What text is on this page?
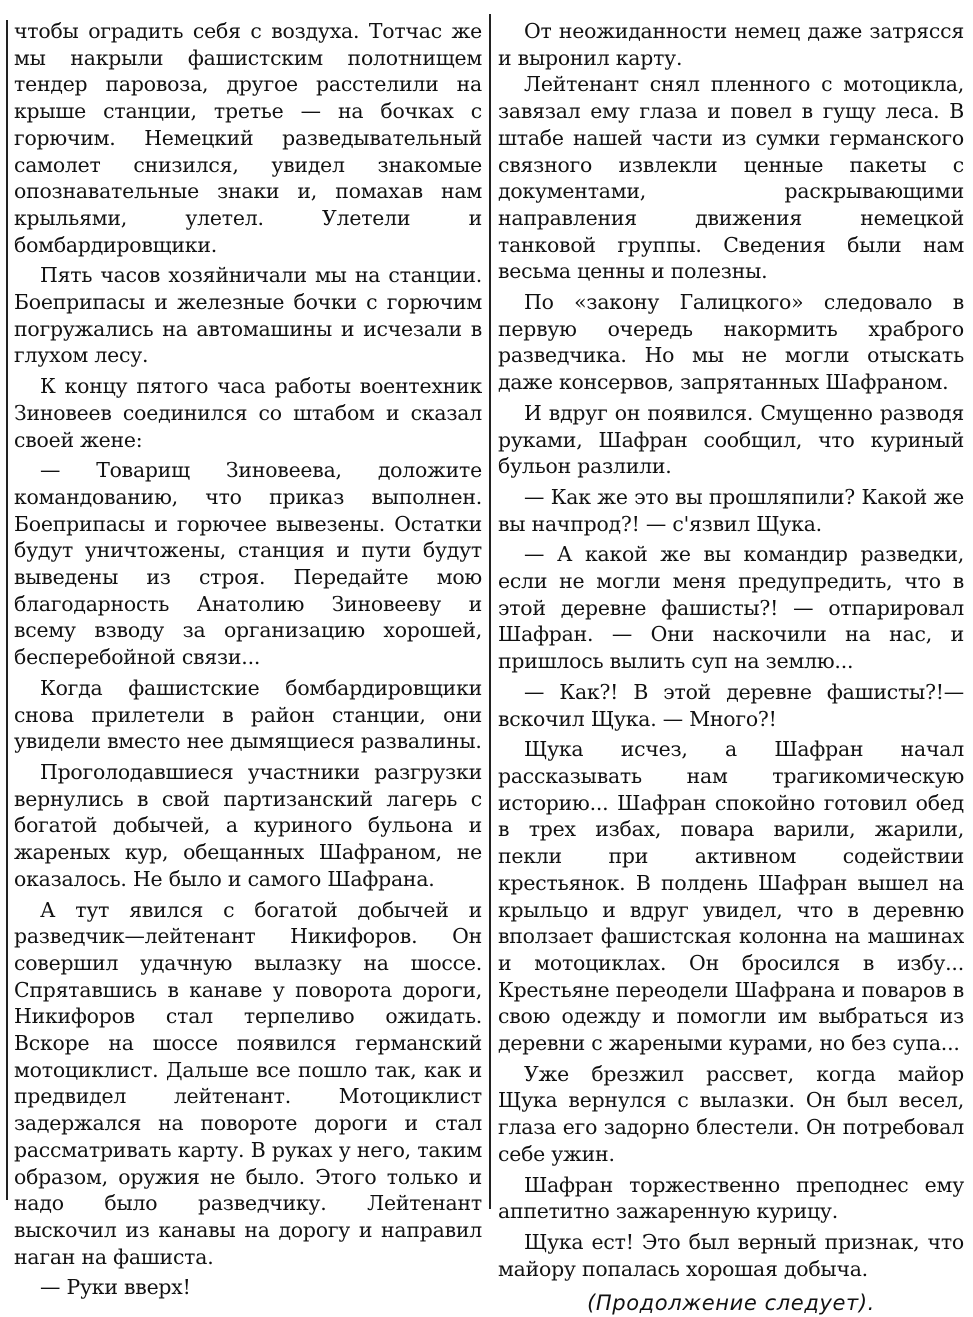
чтобы оградить себя с воздуха. Тотчас же мы накрыли фашистским полотнищем тендер паровоза, другое расстелили на крыше станции, третье — на бочках с горючим. Немецкий разведывательный самолет снизился, увидел знакомые опознавательные знаки и, помахав нам крыльями, улетел. Улетели и бомбардировщики.

Пять часов хозяйничали мы на станции. Боеприпасы и железные бочки с горючим погружались на автомашины и исчезали в глухом лесу.

К концу пятого часа работы воентехник Зиновеев соединился со штабом и сказал своей жене:

— Товарищ Зиновеева, доложите командованию, что приказ выполнен. Боеприпасы и горючее вывезены. Остатки будут уничтожены, станция и пути будут выведены из строя. Передайте мою благодарность Анатолию Зиновееву и всему взводу за организацию хорошей, бесперебойной связи...

Когда фашистские бомбардировщики снова прилетели в район станции, они увидели вместо нее дымящиеся развалины.

Проголодавшиеся участники разгрузки вернулись в свой партизанский лагерь с богатой добычей, а куриного бульона и жареных кур, обещанных Шафраном, не оказалось. Не было и самого Шафрана.

А тут явился с богатой добычей и разведчик—лейтенант Никифоров. Он совершил удачную вылазку на шоссе. Спрятавшись в канаве у поворота дороги, Никифоров стал терпеливо ожидать. Вскоре на шоссе появился германский мотоциклист. Дальше все пошло так, как и предвидел лейтенант. Мотоциклист задержался на повороте дороги и стал рассматривать карту. В руках у него, таким образом, оружия не было. Этого только и надо было разведчику. Лейтенант выскочил из канавы на дорогу и направил наган на фашиста.

— Руки вверх!

От неожиданности немец даже затрясся и выронил карту.

Лейтенант снял пленного с мотоцикла, завязал ему глаза и повел в гущу леса. В штабе нашей части из сумки германского связного извлекли ценные пакеты с документами, раскрывающими направления движения немецкой танковой группы. Сведения были нам весьма ценны и полезны.

По «закону Галицкого» следовало в первую очередь накормить храброго разведчика. Но мы не могли отыскать даже консервов, запрятанных Шафраном.

И вдруг он появился. Смущенно разводя руками, Шафран сообщил, что куриный бульон разлили.

— Как же это вы прошляпили? Какой же вы начпрод?! — с'язвил Щука.

— А какой же вы командир разведки, если не могли меня предупредить, что в этой деревне фашисты?! — отпарировал Шафран. — Они наскочили на нас, и пришлось вылить суп на землю...

— Как?! В этой деревне фашисты?!— вскочил Щука. — Много?!

Щука исчез, а Шафран начал рассказывать нам трагикомическую историю... Шафран спокойно готовил обед в трех избах, повара варили, жарили, пекли при активном содействии крестьянок. В полдень Шафран вышел на крыльцо и вдруг увидел, что в деревню вползает фашистская колонна на машинах и мотоциклах. Он бросился в избу... Крестьяне переодели Шафрана и поваров в свою одежду и помогли им выбраться из деревни с жареными курами, но без супа...

Уже брезжил рассвет, когда майор Щука вернулся с вылазки. Он был весел, глаза его задорно блестели. Он потребовал себе ужин.

Шафран торжественно преподнес ему аппетитно зажаренную курицу.

Щука ест! Это был верный признак, что майору попалась хорошая добыча.

(Продолжение следует).
